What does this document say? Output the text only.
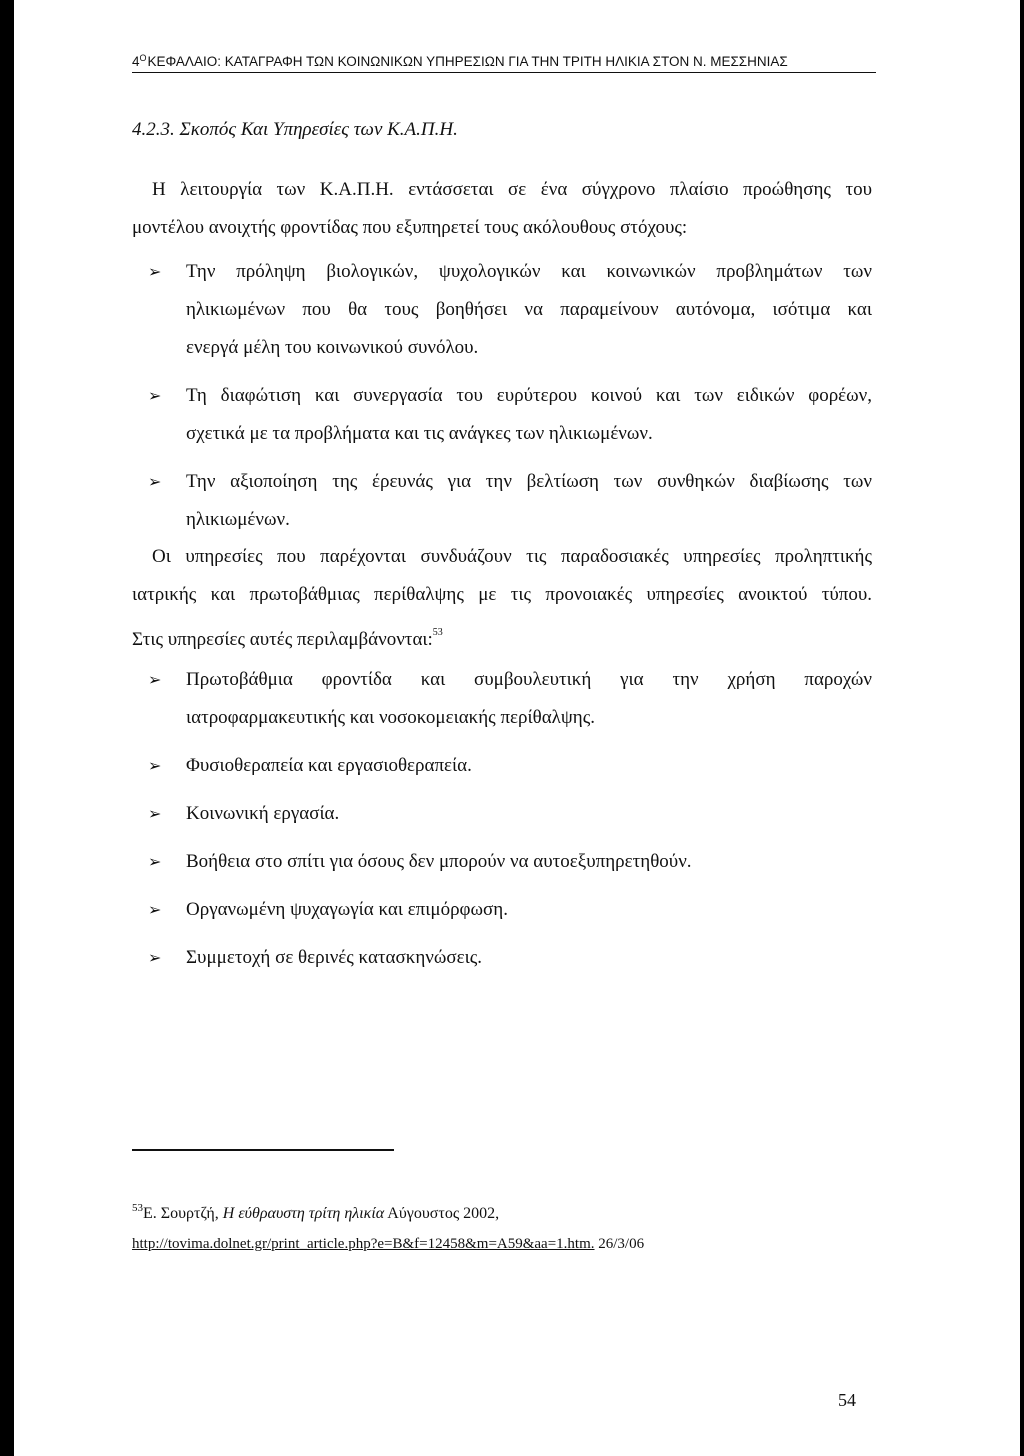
$4^OKE\Phi A\Lambda AIO$: ΚΑΤΑΓΡΑΦΗ ΤΩΝ ΚΟΙΝΩΝΙΚΩΝ ΥΠΗΡΕΣΙΩΝ ΓΙΑ ΤΗΝ ΤΡΙΤΗ ΗΛΙΚΙΑ ΣΤΟΝ Ν. ΜΕΣΣΗΝΙΑΣ
4.2.3. Σκοπός Και Υπηρεσίες των Κ.Α.Π.Η.
Η λειτουργία των Κ.Α.Π.Η. εντάσσεται σε ένα σύγχρονο πλαίσιο προώθησης του
μοντέλου ανοιχτής φροντίδας που εξυπηρετεί τους ακόλουθους στόχους:
➢	Την πρόληψη βιολογικών, ψυχολογικών και κοινωνικών προβλημάτων των
ηλικιωμένων που θα τους βοηθήσει να παραμείνουν αυτόνομα, ισότιμα και
ενεργά μέλη του κοινωνικού συνόλου.
➢	Τη διαφώτιση και συνεργασία του ευρύτερου κοινού και των ειδικών φορέων,
σχετικά με τα προβλήματα και τις ανάγκες των ηλικιωμένων.
➢	Την αξιοποίηση της έρευνάς για την βελτίωση των συνθηκών διαβίωσης των
ηλικιωμένων.
Οι υπηρεσίες που παρέχονται συνδυάζουν τις παραδοσιακές υπηρεσίες προληπτικής
ιατρικής και πρωτοβάθμιας περίθαλψης με τις προνοιακές υπηρεσίες ανοικτού τύπου.
Στις υπηρεσίες αυτές περιλαμβάνονται:$^{53}$
➢	Πρωτοβάθμια φροντίδα και συμβουλευτική για την χρήση παροχών
ιατροφαρμακευτικής και νοσοκομειακής περίθαλψης.
➢	Φυσιοθεραπεία και εργασιοθεραπεία.
➢	Κοινωνική εργασία.
➢	Βοήθεια στο σπίτι για όσους δεν μπορούν να αυτοεξυπηρετηθούν.
➢	Οργανωμένη ψυχαγωγία και επιμόρφωση.
➢	Συμμετοχή σε θερινές κατασκηνώσεις.
$^{53}$Ε. Σουρτζή, Η εύθραυστη τρίτη ηλικία Αύγουστος 2002,
http://tovima.dolnet.gr/print_article.php?e=B&f=12458&m=A59&aa=1.htm. 26/3/06
54
